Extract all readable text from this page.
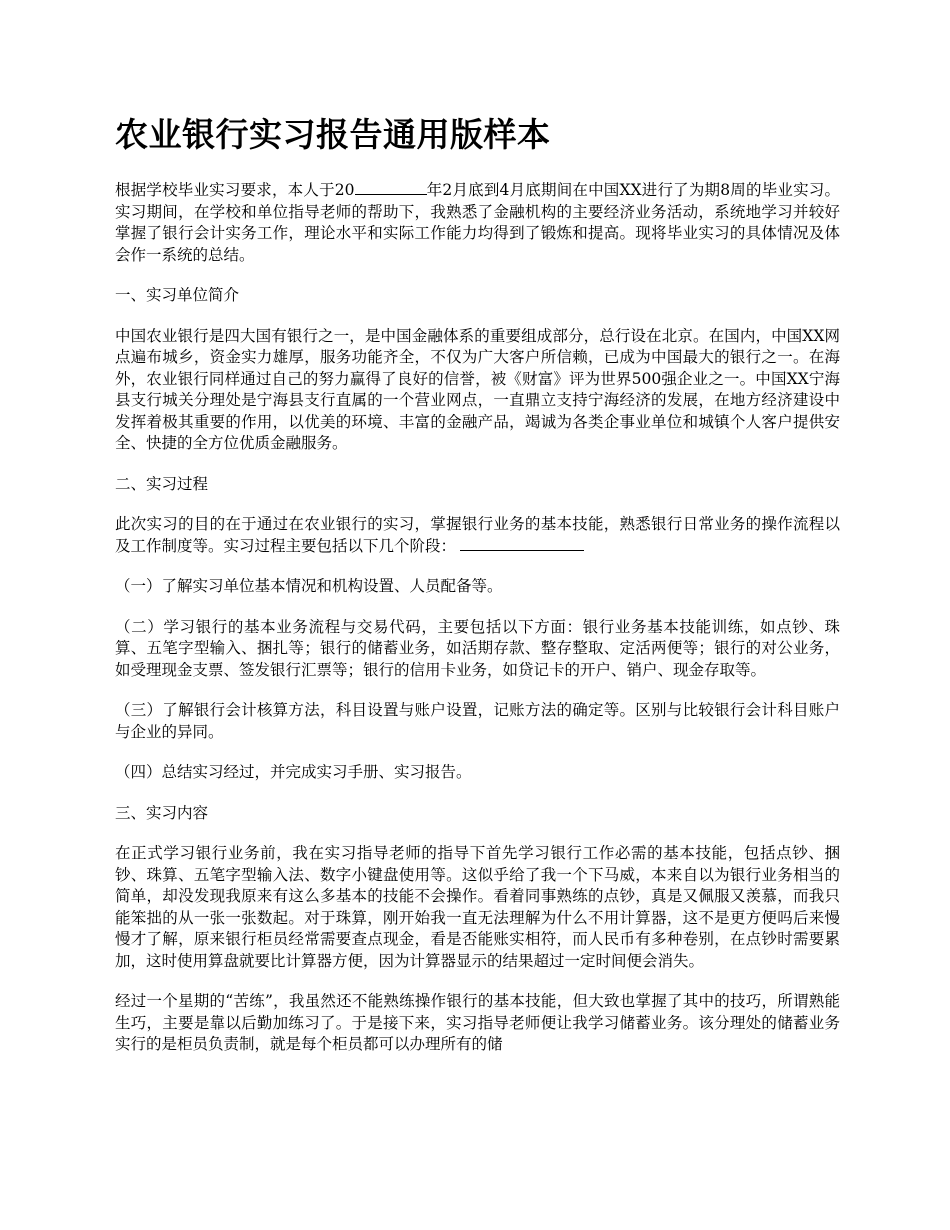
农业银行实习报告通用版样本

根据学校毕业实习要求，本人于20	年2月底到4月底期间在中国XX进行了为期8周的毕业实习。实习期间，在学校和单位指导老师的帮助下，我熟悉了金融机构的主要经济业务活动，系统地学习并较好掌握了银行会计实务工作，理论水平和实际工作能力均得到了锻炼和提高。现将毕业实习的具体情况及体会作一系统的总结。

一、实习单位简介

中国农业银行是四大国有银行之一，是中国金融体系的重要组成部分，总行设在北京。在国内，中国XX网点遍布城乡，资金实力雄厚，服务功能齐全，不仅为广大客户所信赖，已成为中国最大的银行之一。在海外，农业银行同样通过自己的努力赢得了良好的信誉，被《财富》评为世界500强企业之一。中国XX宁海县支行城关分理处是宁海县支行直属的一个营业网点，一直鼎立支持宁海经济的发展，在地方经济建设中发挥着极其重要的作用，以优美的环境、丰富的金融产品，竭诚为各类企事业单位和城镇个人客户提供安全、快捷的全方位优质金融服务。

二、实习过程

此次实习的目的在于通过在农业银行的实习，掌握银行业务的基本技能，熟悉银行日常业务的操作流程以及工作制度等。实习过程主要包括以下几个阶段：

（一）了解实习单位基本情况和机构设置、人员配备等。

（二）学习银行的基本业务流程与交易代码，主要包括以下方面：银行业务基本技能训练，如点钞、珠算、五笔字型输入、捆扎等；银行的储蓄业务，如活期存款、整存整取、定活两便等；银行的对公业务，如受理现金支票、签发银行汇票等；银行的信用卡业务，如贷记卡的开户、销户、现金存取等。

（三）了解银行会计核算方法，科目设置与账户设置，记账方法的确定等。区别与比较银行会计科目账户与企业的异同。

（四）总结实习经过，并完成实习手册、实习报告。

三、实习内容

在正式学习银行业务前，我在实习指导老师的指导下首先学习银行工作必需的基本技能，包括点钞、捆钞、珠算、五笔字型输入法、数字小键盘使用等。这似乎给了我一个下马威，本来自以为银行业务相当的简单，却没发现我原来有这么多基本的技能不会操作。看着同事熟练的点钞，真是又佩服又羡慕，而我只能笨拙的从一张一张数起。对于珠算，刚开始我一直无法理解为什么不用计算器，这不是更方便吗后来慢慢才了解，原来银行柜员经常需要查点现金，看是否能账实相符，而人民币有多种卷别，在点钞时需要累加，这时使用算盘就要比计算器方便，因为计算器显示的结果超过一定时间便会消失。

经过一个星期的“苦练”，我虽然还不能熟练操作银行的基本技能，但大致也掌握了其中的技巧，所谓熟能生巧，主要是靠以后勤加练习了。于是接下来，实习指导老师便让我学习储蓄业务。该分理处的储蓄业务实行的是柜员负责制，就是每个柜员都可以办理所有的储
